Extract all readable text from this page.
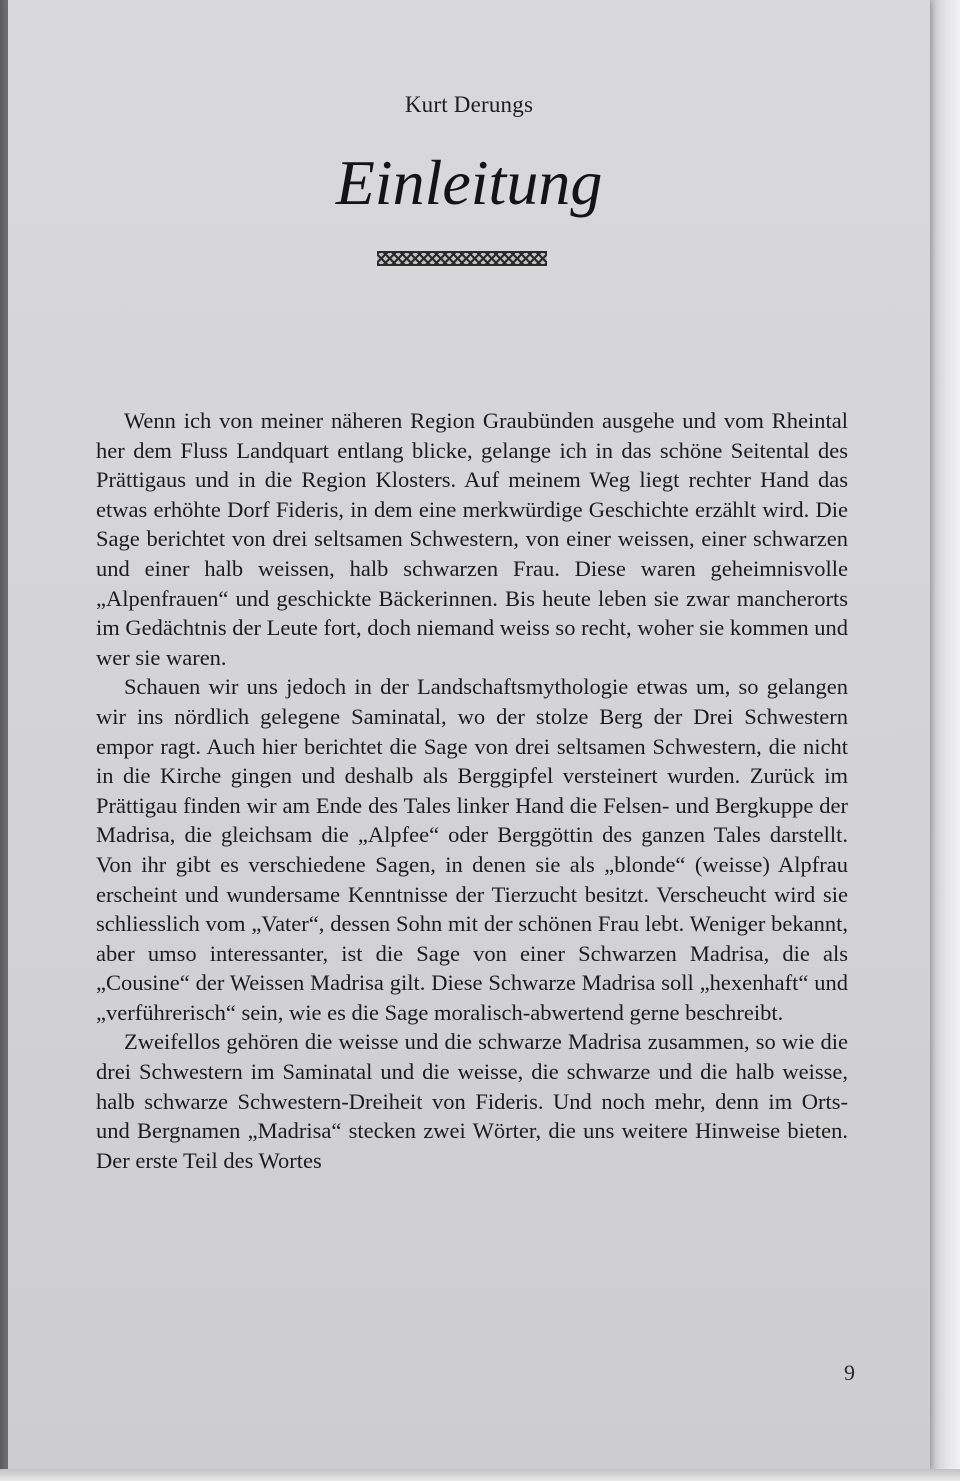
Kurt Derungs
Einleitung

Wenn ich von meiner näheren Region Graubünden ausgehe und vom Rheintal her dem Fluss Landquart entlang blicke, gelange ich in das schöne Seitental des Prättigaus und in die Region Klosters. Auf meinem Weg liegt rechter Hand das etwas erhöhte Dorf Fideris, in dem eine merkwürdige Geschichte erzählt wird. Die Sage berichtet von drei seltsamen Schwestern, von einer weissen, einer schwarzen und einer halb weissen, halb schwarzen Frau. Diese waren geheimnisvolle „Alpenfrauen“ und geschickte Bäckerinnen. Bis heute leben sie zwar mancherorts im Gedächtnis der Leute fort, doch niemand weiss so recht, woher sie kommen und wer sie waren.

Schauen wir uns jedoch in der Landschaftsmythologie etwas um, so gelangen wir ins nördlich gelegene Saminatal, wo der stolze Berg der Drei Schwestern empor ragt. Auch hier berichtet die Sage von drei seltsamen Schwestern, die nicht in die Kirche gingen und deshalb als Berggipfel versteinert wurden. Zurück im Prättigau finden wir am Ende des Tales linker Hand die Felsen- und Bergkuppe der Madrisa, die gleichsam die „Alpfee“ oder Berggöttin des ganzen Tales darstellt. Von ihr gibt es verschiedene Sagen, in denen sie als „blonde“ (weisse) Alpfrau erscheint und wundersame Kenntnisse der Tierzucht besitzt. Verscheucht wird sie schliesslich vom „Vater“, dessen Sohn mit der schönen Frau lebt. Weniger bekannt, aber umso interessanter, ist die Sage von einer Schwarzen Madrisa, die als „Cousine“ der Weissen Madrisa gilt. Diese Schwarze Madrisa soll „hexenhaft“ und „verführerisch“ sein, wie es die Sage moralisch-abwertend gerne beschreibt.

Zweifellos gehören die weisse und die schwarze Madrisa zusammen, so wie die drei Schwestern im Saminatal und die weisse, die schwarze und die halb weisse, halb schwarze Schwestern-Dreiheit von Fideris. Und noch mehr, denn im Orts- und Bergnamen „Madrisa“ stecken zwei Wörter, die uns weitere Hinweise bieten. Der erste Teil des Wortes

9
